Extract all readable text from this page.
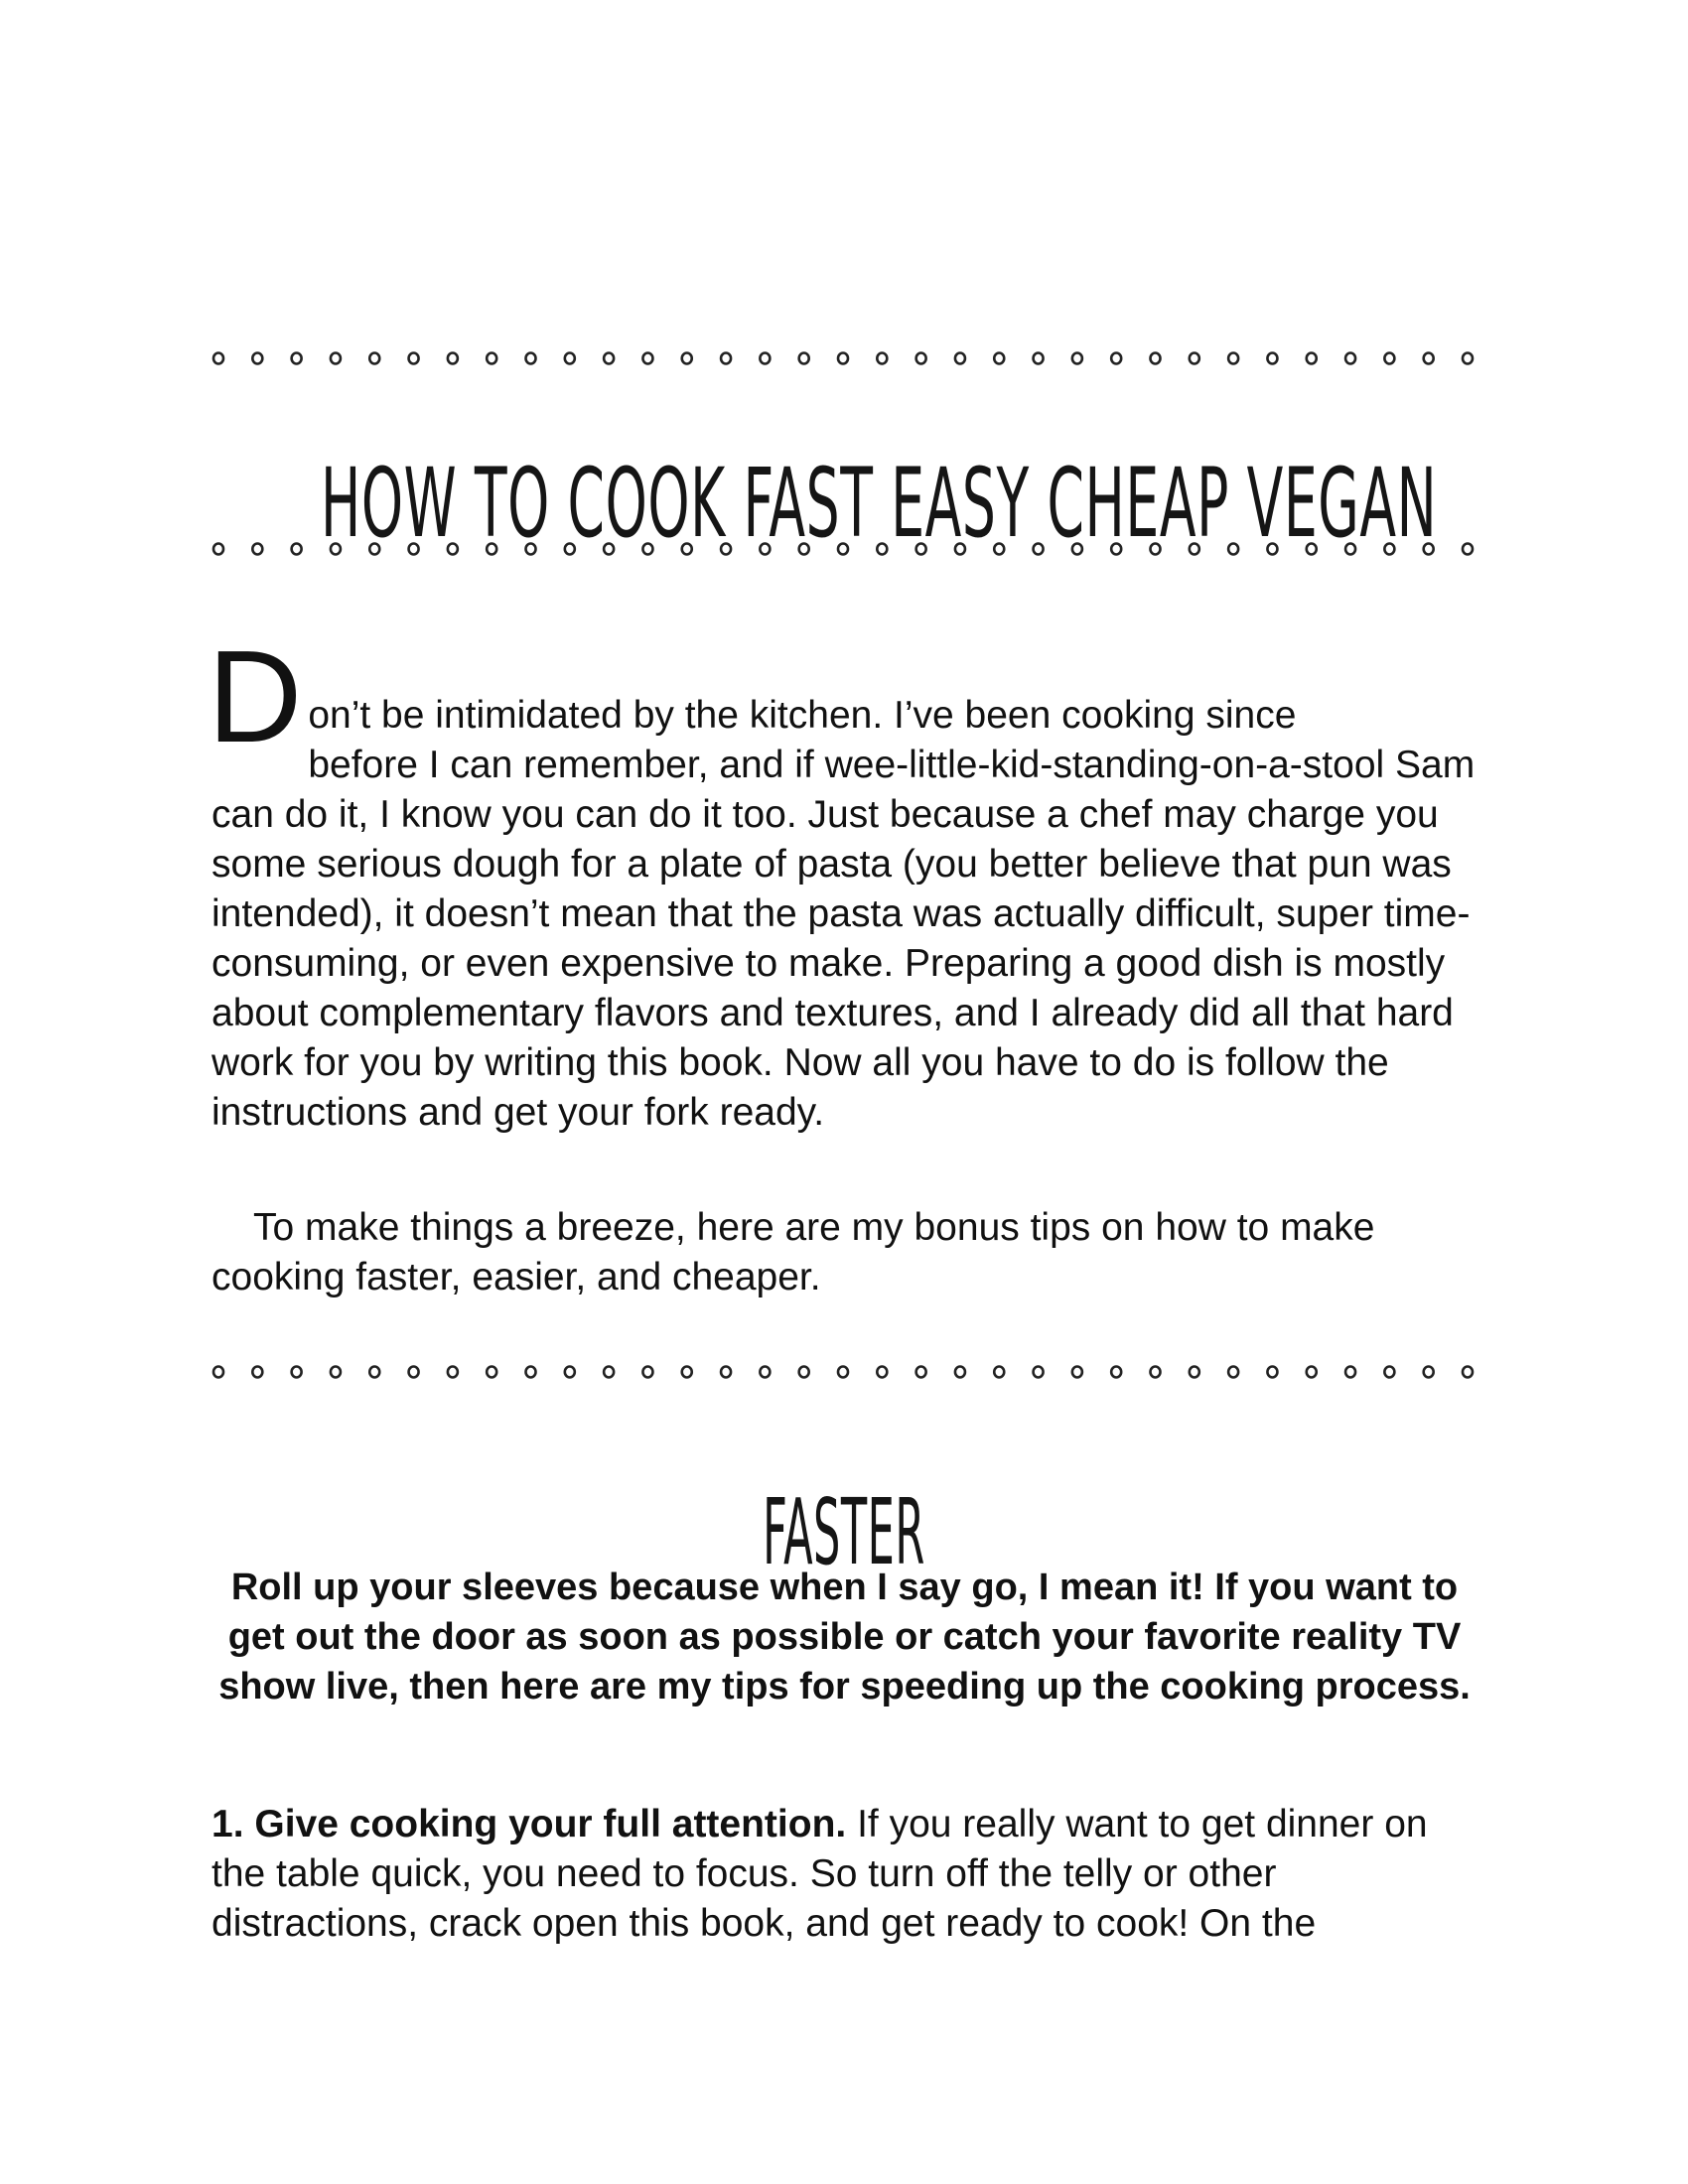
HOW TO COOK FAST EASY CHEAP VEGAN

D on’t be intimidated by the kitchen. I’ve been cooking since
before I can remember, and if wee-little-kid-standing-on-a-stool Sam can do it, I know you can do it too. Just because a chef may charge you some serious dough for a plate of pasta (you better believe that pun was intended), it doesn’t mean that the pasta was actually difficult, super time-consuming, or even expensive to make. Preparing a good dish is mostly about complementary flavors and textures, and I already did all that hard work for you by writing this book. Now all you have to do is follow the instructions and get your fork ready.

To make things a breeze, here are my bonus tips on how to make cooking faster, easier, and cheaper.

FASTER

Roll up your sleeves because when I say go, I mean it! If you want to get out the door as soon as possible or catch your favorite reality TV show live, then here are my tips for speeding up the cooking process.

1. Give cooking your full attention. If you really want to get dinner on the table quick, you need to focus. So turn off the telly or other distractions, crack open this book, and get ready to cook! On the
